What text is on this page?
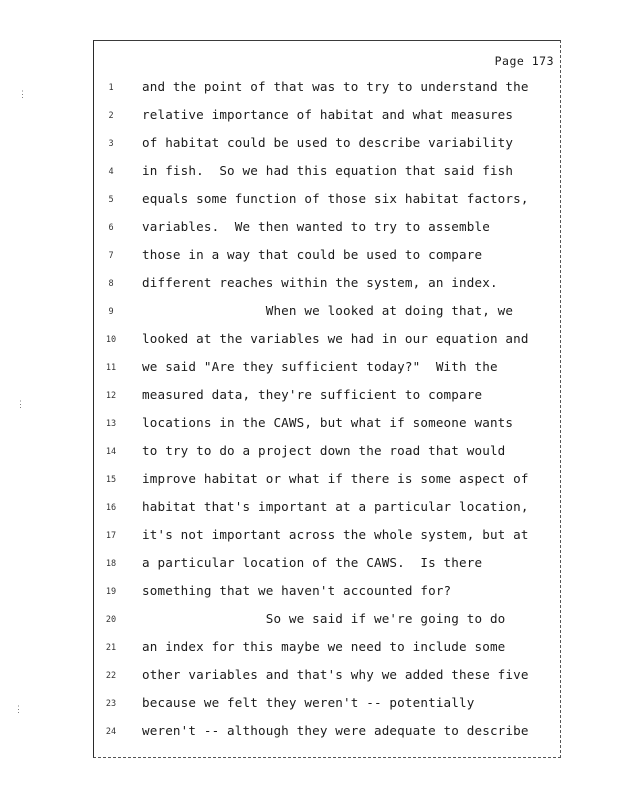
Page 173
1	and the point of that was to try to understand the
2	relative importance of habitat and what measures
3	of habitat could be used to describe variability
4	in fish.  So we had this equation that said fish
5	equals some function of those six habitat factors,
6	variables.  We then wanted to try to assemble
7	those in a way that could be used to compare
8	different reaches within the system, an index.
9	When we looked at doing that, we
10	looked at the variables we had in our equation and
11	we said "Are they sufficient today?"  With the
12	measured data, they're sufficient to compare
13	locations in the CAWS, but what if someone wants
14	to try to do a project down the road that would
15	improve habitat or what if there is some aspect of
16	habitat that's important at a particular location,
17	it's not important across the whole system, but at
18	a particular location of the CAWS.  Is there
19	something that we haven't accounted for?
20	So we said if we're going to do
21	an index for this maybe we need to include some
22	other variables and that's why we added these five
23	because we felt they weren't -- potentially
24	weren't -- although they were adequate to describe
⋮
⋮
⋮
